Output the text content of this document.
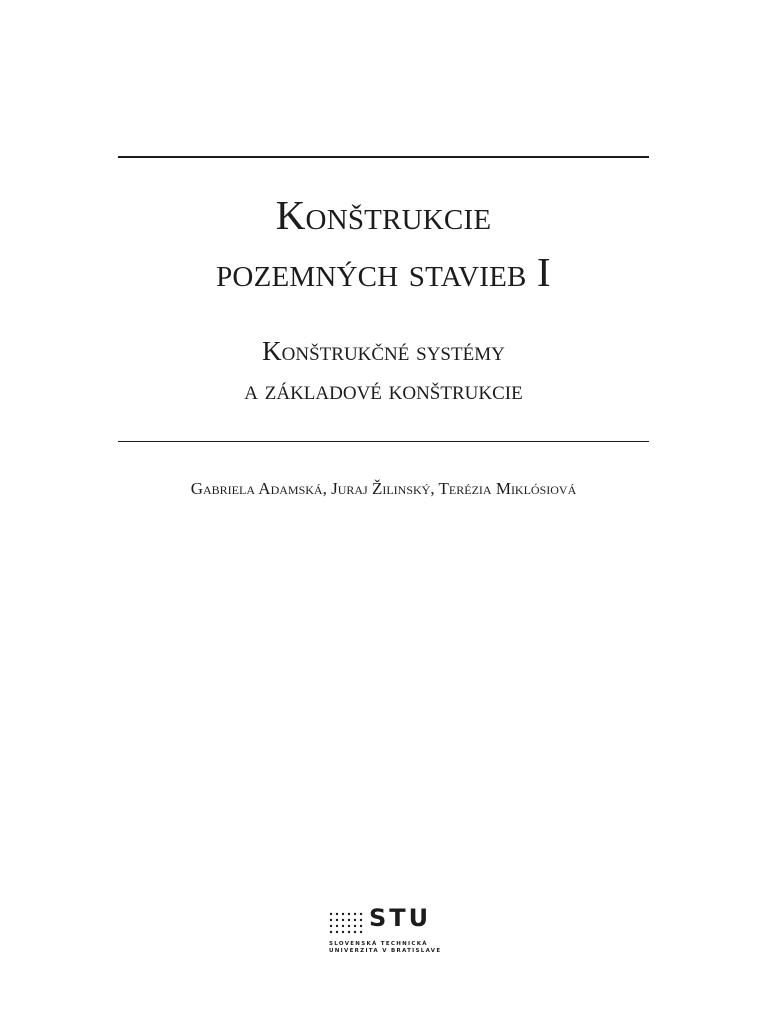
Konštrukcie
pozemných stavieb I
Konštrukčné systémy
a základové konštrukcie

Gabriela Adamská, Juraj Žilinský, Terézia Miklósiová

STU
SLOVENSKÁ TECHNICKÁ
UNIVERZITA V BRATISLAVE
